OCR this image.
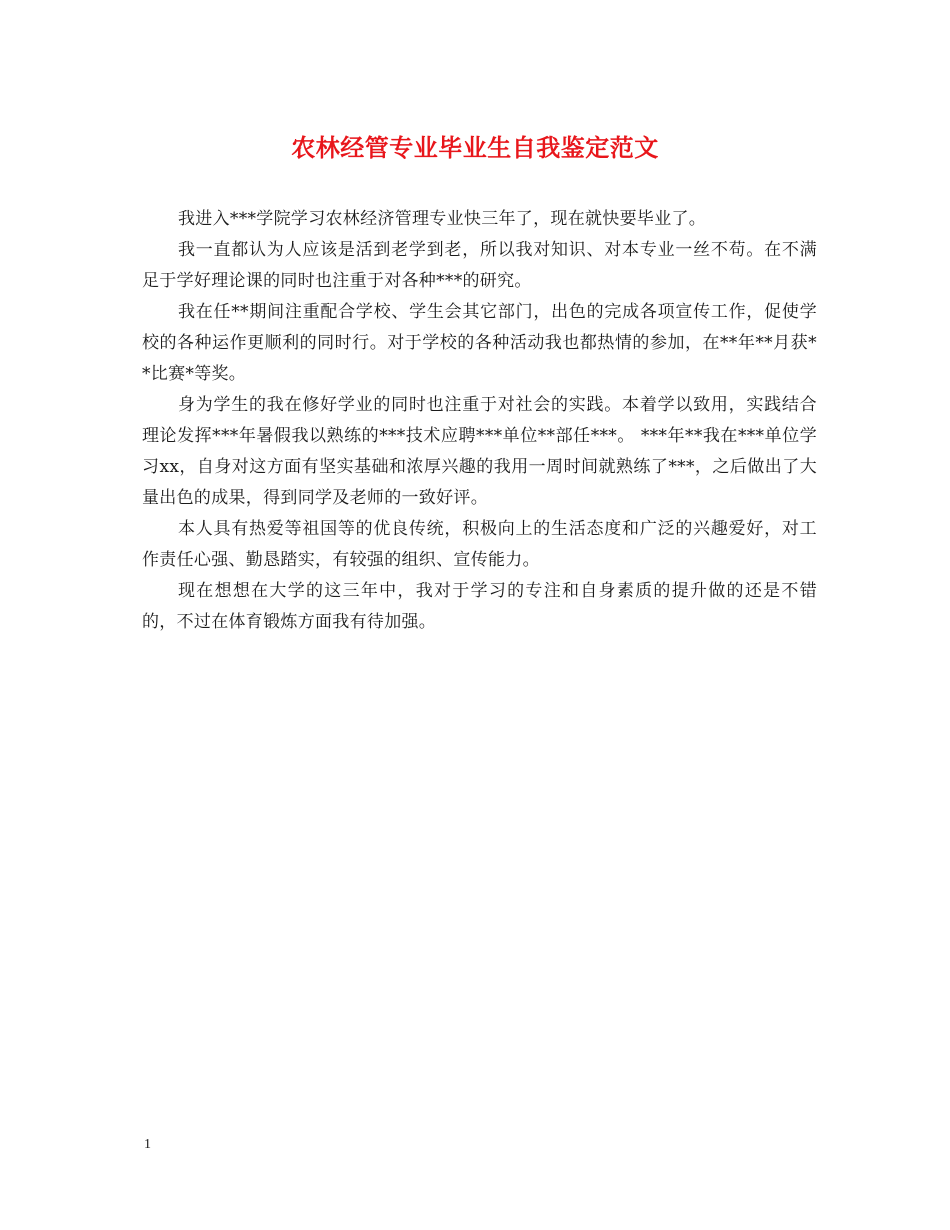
农林经管专业毕业生自我鉴定范文

我进入***学院学习农林经济管理专业快三年了，现在就快要毕业了。

我一直都认为人应该是活到老学到老，所以我对知识、对本专业一丝不苟。在不满足于学好理论课的同时也注重于对各种***的研究。

我在任**期间注重配合学校、学生会其它部门，出色的完成各项宣传工作，促使学校的各种运作更顺利的同时行。对于学校的各种活动我也都热情的参加，在**年**月获**比赛*等奖。

身为学生的我在修好学业的同时也注重于对社会的实践。本着学以致用，实践结合理论发挥***年暑假我以熟练的***技术应聘***单位**部任***。 ***年**我在***单位学习xx，自身对这方面有坚实基础和浓厚兴趣的我用一周时间就熟练了***，之后做出了大量出色的成果，得到同学及老师的一致好评。

本人具有热爱等祖国等的优良传统，积极向上的生活态度和广泛的兴趣爱好，对工作责任心强、勤恳踏实，有较强的组织、宣传能力。

现在想想在大学的这三年中，我对于学习的专注和自身素质的提升做的还是不错的，不过在体育锻炼方面我有待加强。

1
